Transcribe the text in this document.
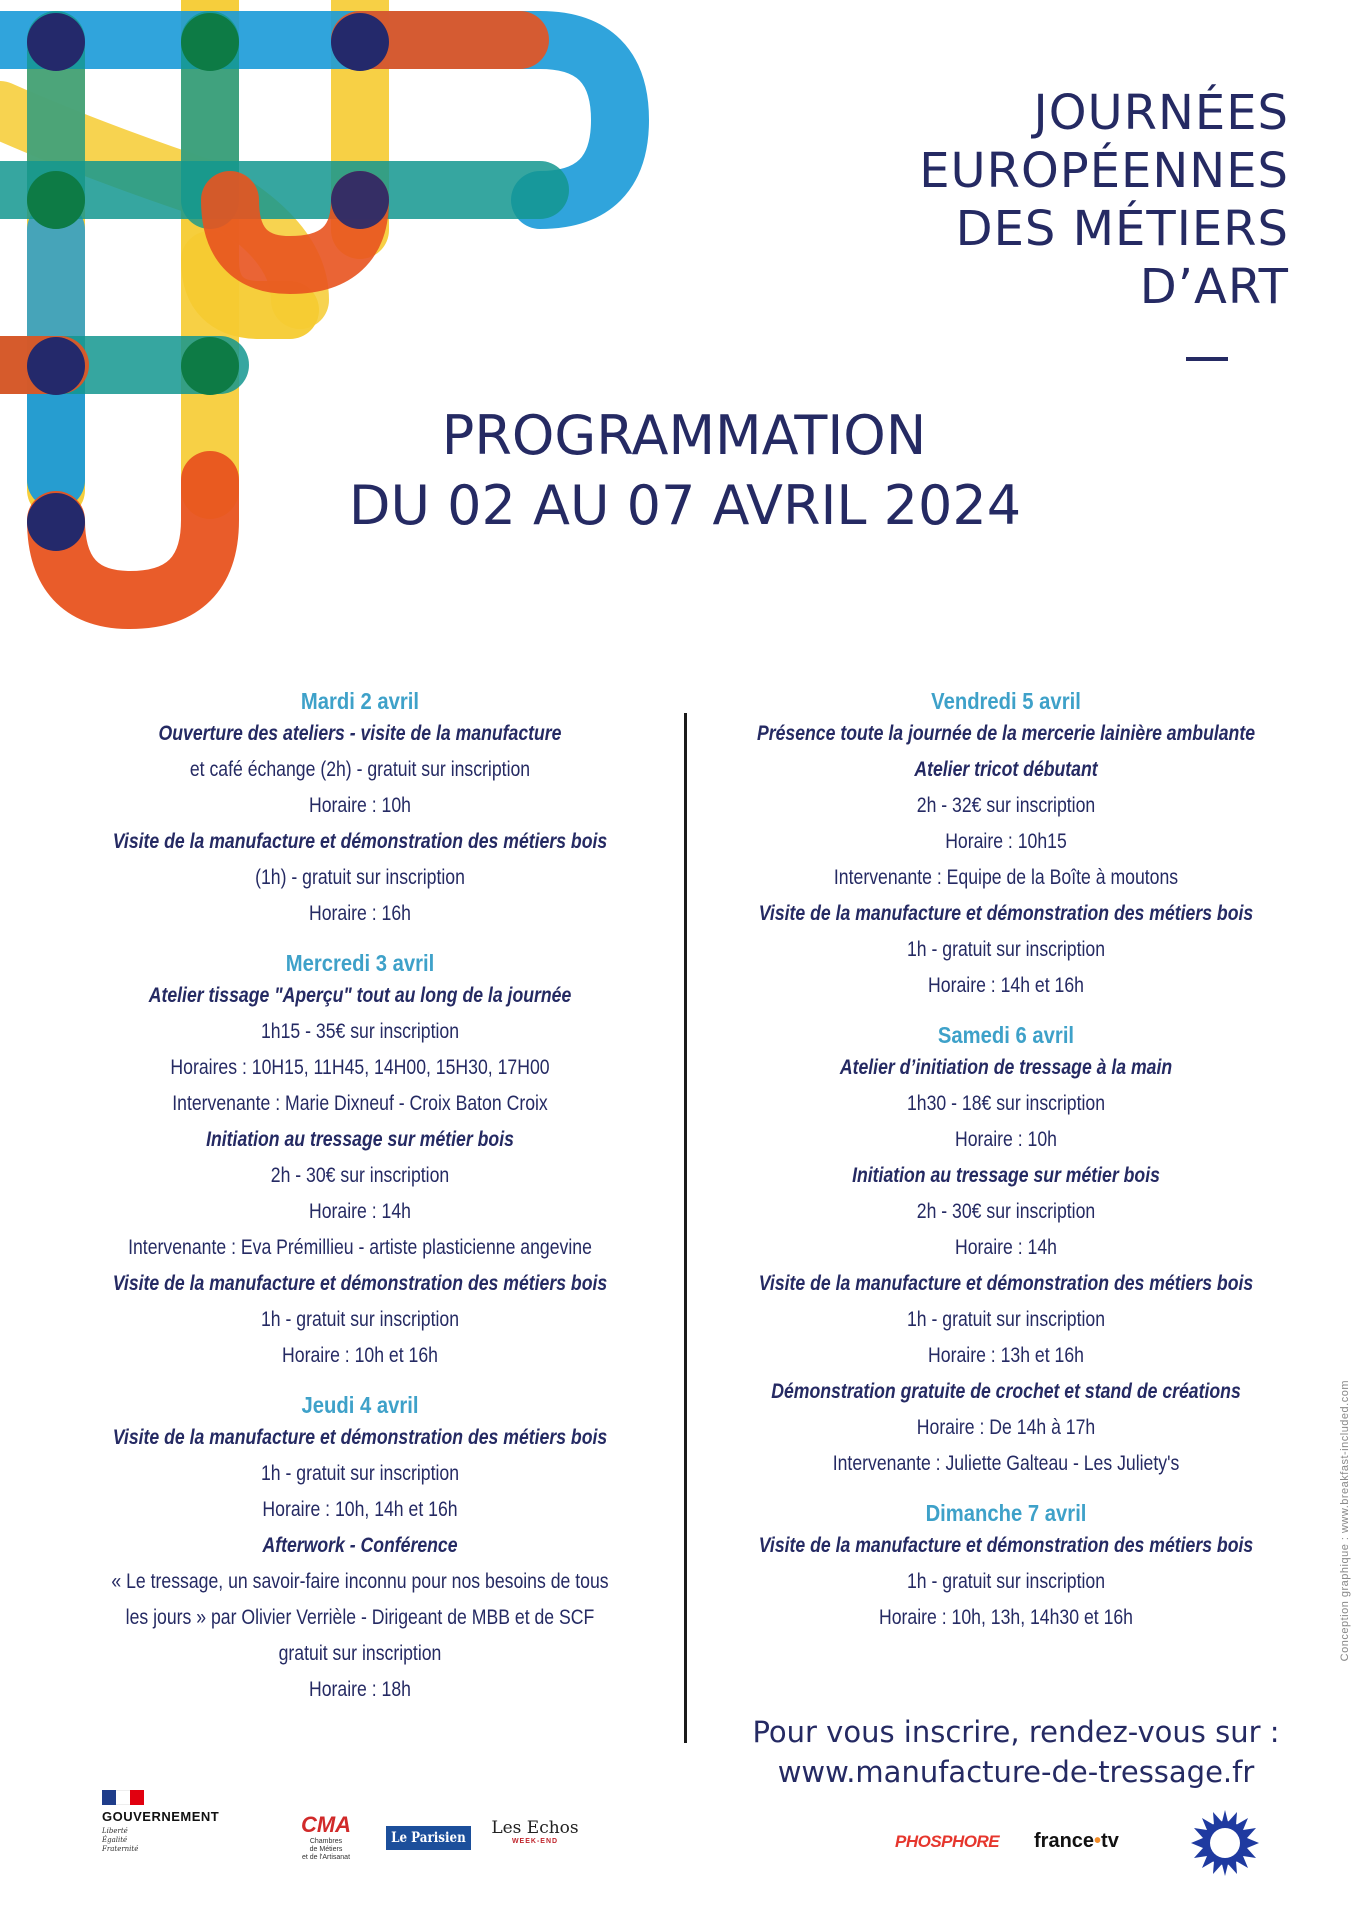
JOURNÉES
EUROPÉENNES
DES MÉTIERS
D’ART
PROGRAMMATION
DU 02 AU 07 AVRIL 2024
Mardi 2 avril
Ouverture des ateliers - visite de la manufacture
et café échange (2h) - gratuit sur inscription
Horaire : 10h
Visite de la manufacture et démonstration des métiers bois
(1h) - gratuit sur inscription
Horaire : 16h
Mercredi 3 avril
Atelier tissage "Aperçu" tout au long de la journée
1h15 - 35€ sur inscription
Horaires : 10H15, 11H45, 14H00, 15H30, 17H00
Intervenante : Marie Dixneuf - Croix Baton Croix
Initiation au tressage sur métier bois
2h - 30€ sur inscription
Horaire : 14h
Intervenante : Eva Prémillieu - artiste plasticienne angevine
Visite de la manufacture et démonstration des métiers bois
1h - gratuit sur inscription
Horaire : 10h et 16h
Jeudi 4 avril
Visite de la manufacture et démonstration des métiers bois
1h - gratuit sur inscription
Horaire : 10h, 14h et 16h
Afterwork - Conférence
« Le tressage, un savoir-faire inconnu pour nos besoins de tous
les jours » par Olivier Verrièle - Dirigeant de MBB et de SCF
gratuit sur inscription
Horaire : 18h
Vendredi 5 avril
Présence toute la journée de la mercerie lainière ambulante
Atelier tricot débutant
2h - 32€ sur inscription
Horaire : 10h15
Intervenante : Equipe de la Boîte à moutons
Visite de la manufacture et démonstration des métiers bois
1h - gratuit sur inscription
Horaire : 14h et 16h
Samedi 6 avril
Atelier d’initiation de tressage à la main
1h30 - 18€ sur inscription
Horaire : 10h
Initiation au tressage sur métier bois
2h - 30€ sur inscription
Horaire : 14h
Visite de la manufacture et démonstration des métiers bois
1h - gratuit sur inscription
Horaire : 13h et 16h
Démonstration gratuite de crochet et stand de créations
Horaire : De 14h à 17h
Intervenante : Juliette Galteau - Les Juliety's
Dimanche 7 avril
Visite de la manufacture et démonstration des métiers bois
1h - gratuit sur inscription
Horaire : 10h, 13h, 14h30 et 16h
Pour vous inscrire, rendez-vous sur :
www.manufacture-de-tressage.fr
Conception graphique : www.breakfast-included.com
GOUVERNEMENT
Liberté
Égalité
Fraternité
CMA
Chambres
de Métiers
et de l'Artisanat
Le Parisien	Les Echos
WEEK-END	PHOSPHORE france•tv
